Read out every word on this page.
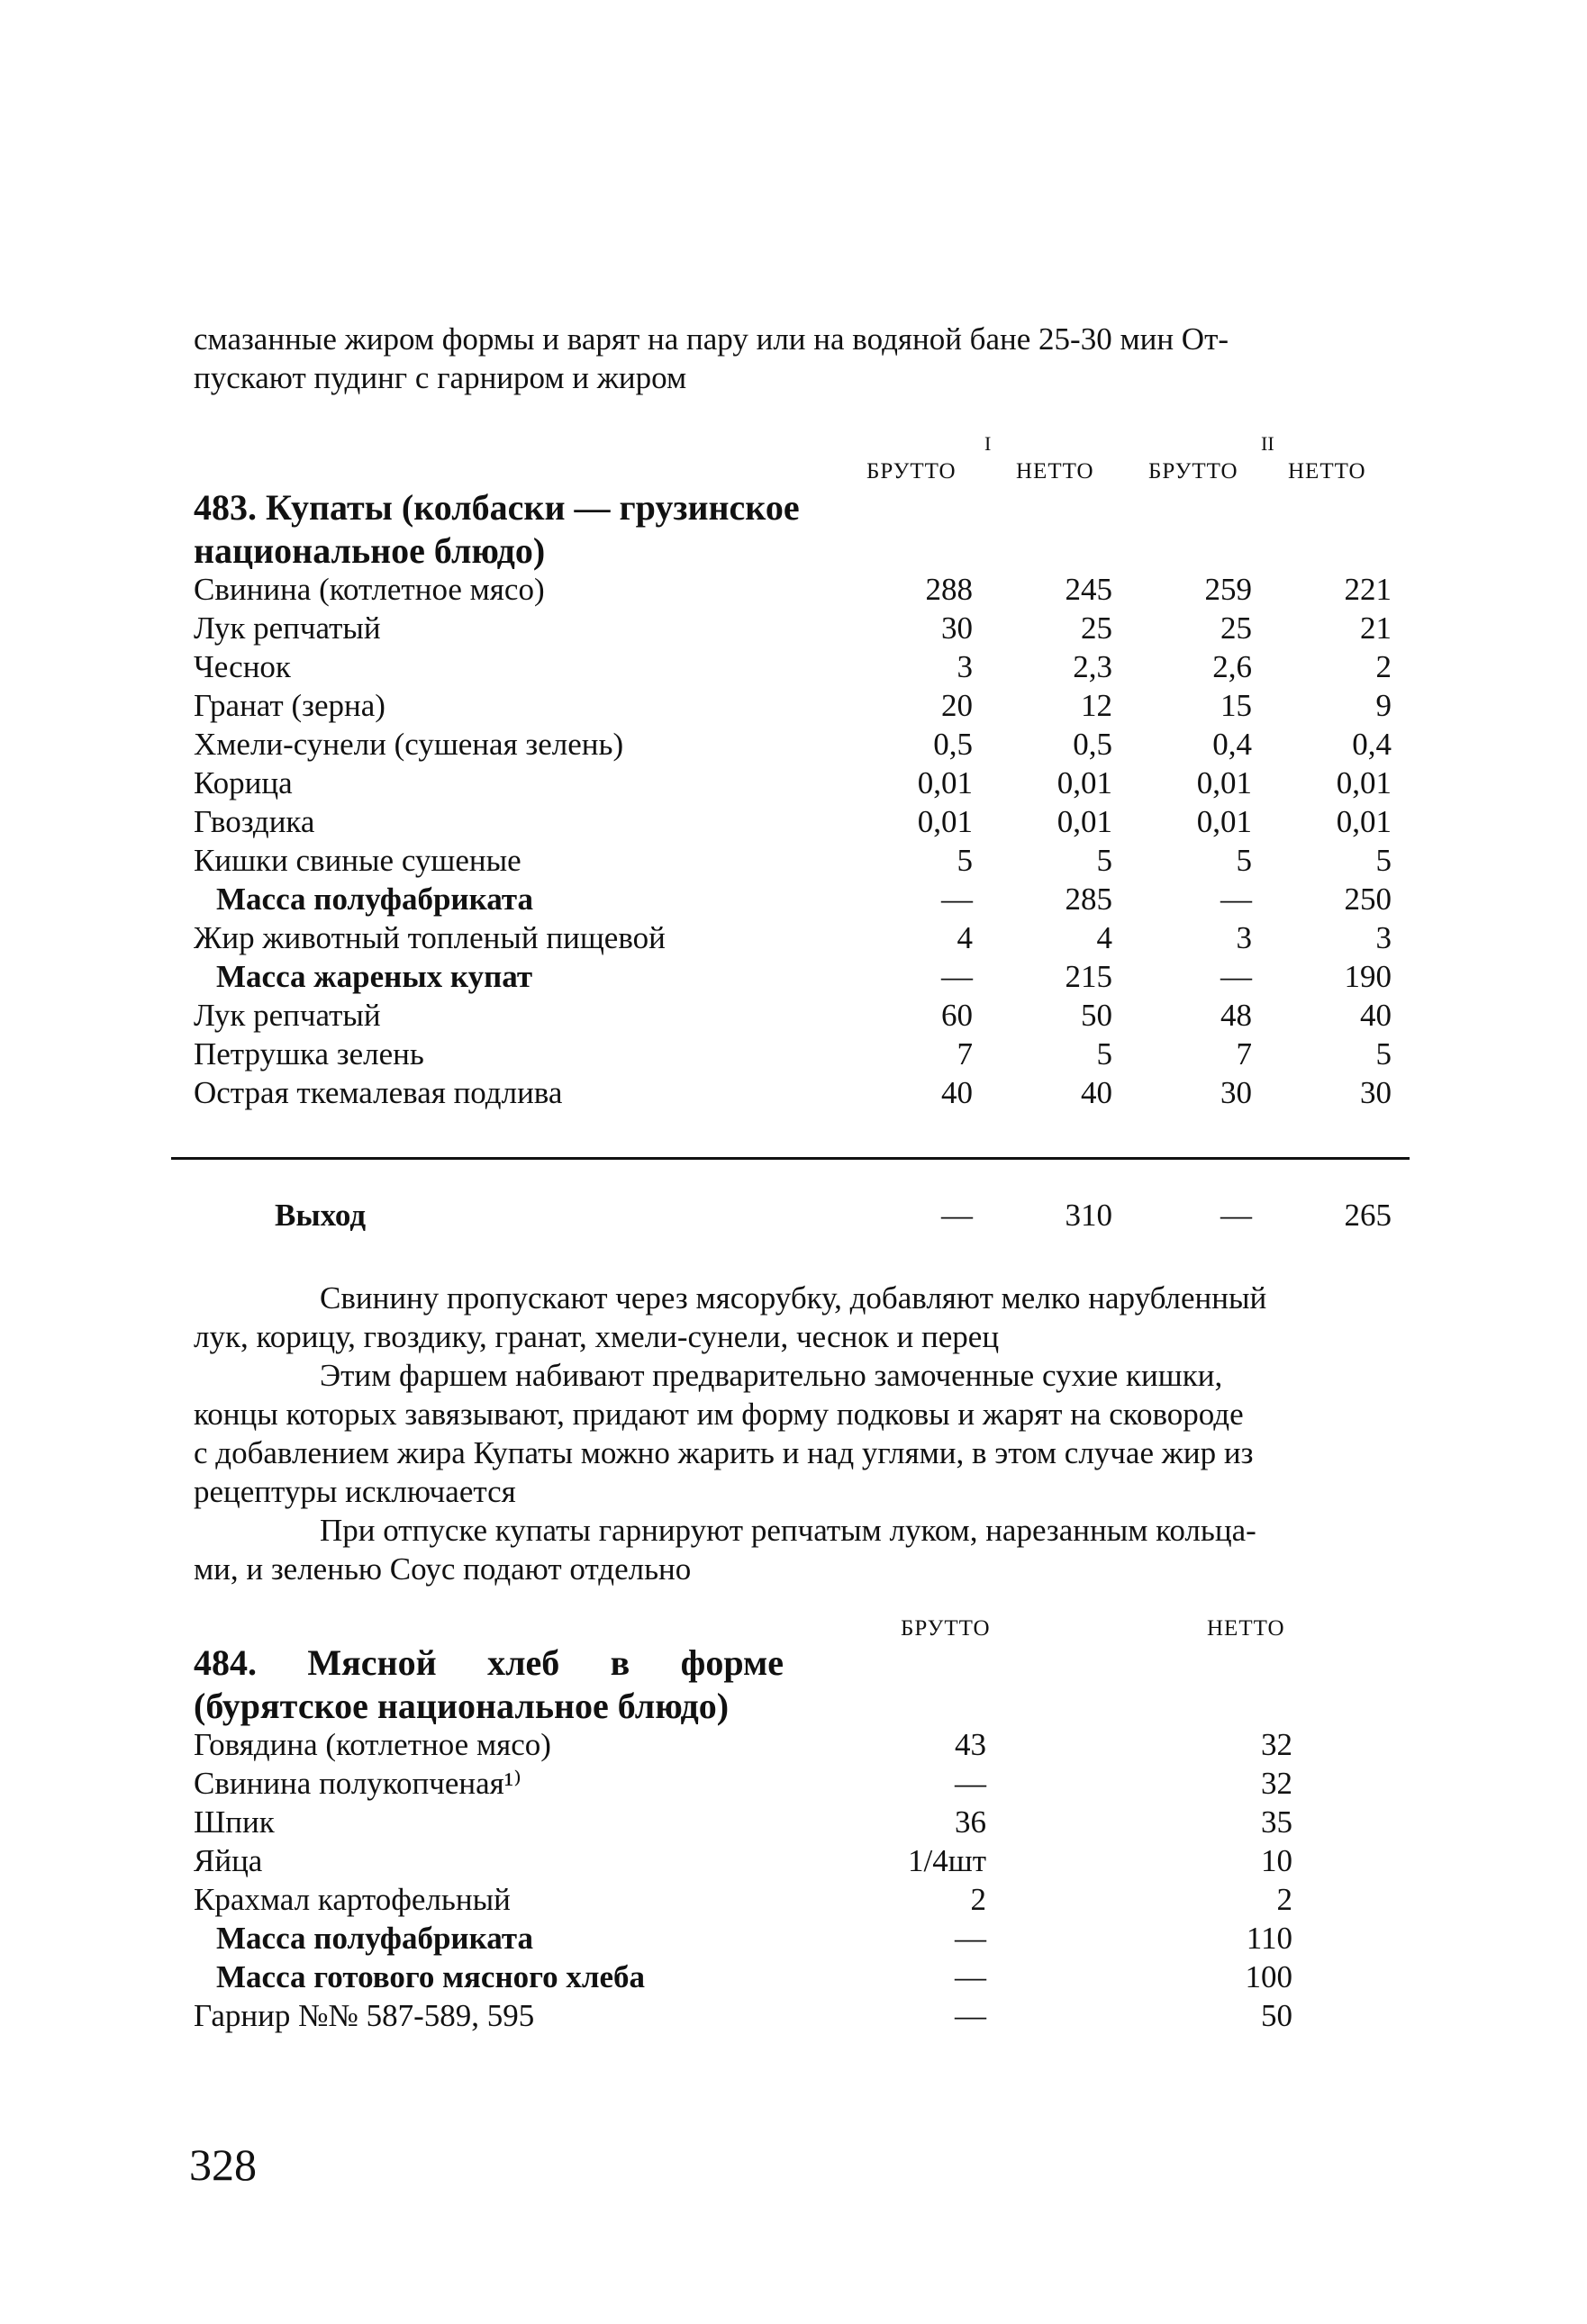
смазанные жиром формы и варят на пару или на водяной бане 25-30 мин От-
пускают пудинг с гарниром и жиром
I	II
БРУТТО	НЕТТО БРУТТО НЕТТО
483. Купаты (колбаски — грузинское
национальное блюдо)
Свинина (котлетное мясо)	288	245	259	221
Лук репчатый	30	25	25	21
Чеснок	3	2,3	2,6	2
Гранат (зерна)	20	12	15	9
Хмели-сунели (сушеная зелень)	0,5	0,5	0,4	0,4
Корица	0,01	0,01	0,01	0,01
Гвоздика	0,01	0,01	0,01	0,01
Кишки свиные сушеные	5	5	5	5
Масса полуфабриката	—	285	—	250
Жир животный топленый пищевой	4	4	3	3
Масса жареных купат	—	215	—	190
Лук репчатый	60	50	48	40
Петрушка зелень	7	5	7	5
Острая ткемалевая подлива	40	40	30	30
Выход	—	310	—	265
Свинину пропускают через мясорубку, добавляют мелко нарубленный
лук, корицу, гвоздику, гранат, хмели-сунели, чеснок и перец
Этим фаршем набивают предварительно замоченные сухие кишки,
концы которых завязывают, придают им форму подковы и жарят на сковороде
с добавлением жира Купаты можно жарить и над углями, в этом случае жир из
рецептуры исключается
При отпуске купаты гарнируют репчатым луком, нарезанным кольца-
ми, и зеленью Соус подают отдельно
БРУТТО	НЕТТО
484. Мясной хлеб в форме
(бурятское национальное блюдо)
Говядина (котлетное мясо)	43	32
Свинина полукопченая¹⁾	—	32
Шпик	36	35
Яйца	1/4шт	10
Крахмал картофельный	2	2
Масса полуфабриката	—	110
Масса готового мясного хлеба	—	100
Гарнир №№ 587-589, 595	—	50
328
